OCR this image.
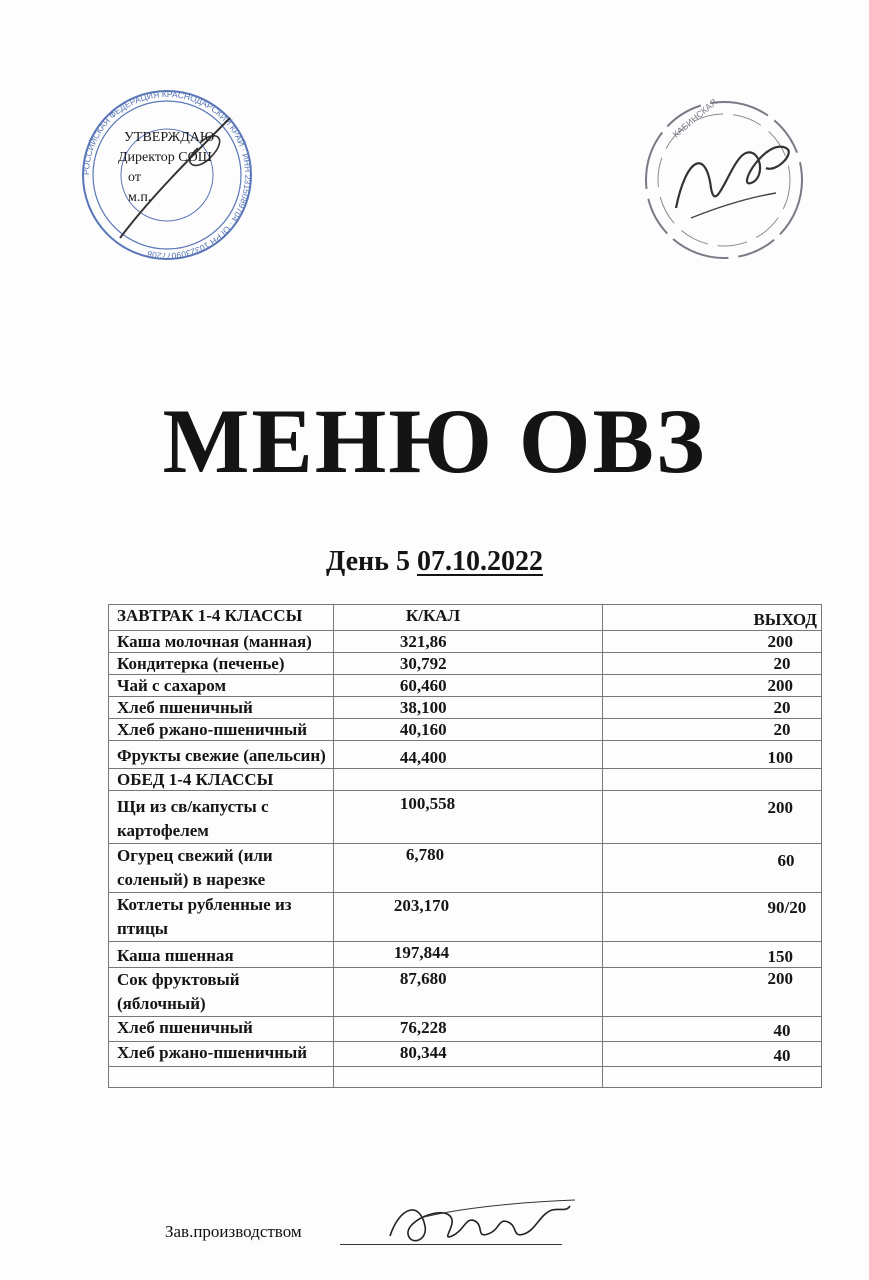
РОССИЙСКАЯ ФЕДЕРАЦИЯ КРАСНОДАРСКИЙ КРАЙ · ИНН 2315089704 · ОГРН 1032309077208
УТВЕРЖДАЮ
Директор СОШ
от
м.п.
КАБИНСКАЯ
МЕНЮ ОВЗ
День 5 07.10.2022
ЗАВТРАК 1-4 КЛАССЫ	К/КАЛ	ВЫХОД
Каша молочная (манная)	321,86	200
Кондитерка (печенье)	30,792	20
Чай с сахаром	60,460	200
Хлеб пшеничный	38,100	20
Хлеб ржано-пшеничный	40,160	20
Фрукты свежие (апельсин)	44,400	100
ОБЕД 1-4 КЛАССЫ		
Щи из св/капусты с картофелем	100,558	200
Огурец свежий (или соленый) в нарезке	6,780	60
Котлеты рубленные из птицы	203,170	90/20
Каша пшенная	197,844	150
Сок фруктовый (яблочный)	87,680	200
Хлеб пшеничный	76,228	40
Хлеб ржано-пшеничный	80,344	40

Зав.производством
